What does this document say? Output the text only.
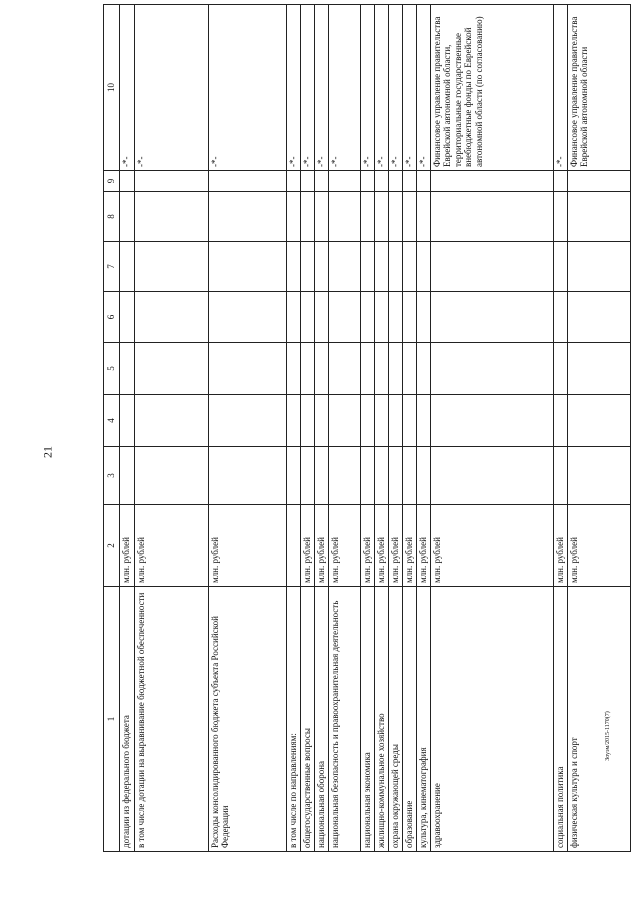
21
Зоуэм/2015-1170(7)
1	2	3	4	5	6	7	8	9	10
дотации из федерального бюджета	млн. рублей								-*-
в том числе дотации на выравнивание бюджетной обеспеченности	млн. рублей								-*-
Расходы консолидированного бюджета субъекта Российской Федерации	млн. рублей								-*-
в том числе по направлениям:									-*-
общегосударственные вопросы	млн. рублей								-*-
национальная оборона	млн. рублей								-*-
национальная безопасность и правоохранительная деятельность	млн. рублей								-*-
национальная экономика	млн. рублей								-*-
жилищно-коммунальное хозяйство	млн. рублей								-*-
охрана окружающей среды	млн. рублей								-*-
образование	млн. рублей								-*-
культура, кинематография	млн. рублей								-*-
здравоохранение	млн. рублей								Финансовое управление правительства Еврейской автономной области, территориальные государственные внебюджетные фонды по Еврейской автономной области (по согласованию)
социальная политика	млн. рублей								-*-
физическая культура и спорт	млн. рублей								Финансовое управление правительства Еврейской автономной области
